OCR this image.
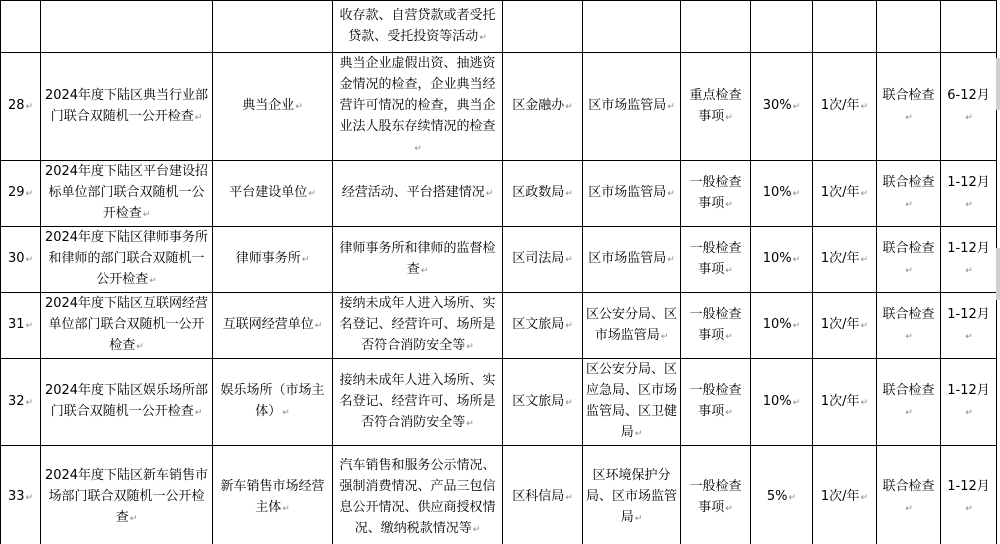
			收存款、自营贷款或者受托贷款、受托投资等活动↵							
28↵	2024年度下陆区典当行业部门联合双随机一公开检查↵	典当企业↵	典当企业虚假出资、抽逃资金情况的检查，企业典当经营许可情况的检查，典当企业法人股东存续情况的检查↵	区金融办↵	区市场监管局↵	重点检查事项↵	30%↵	1次/年↵	联合检查↵	6-12月↵
29↵	2024年度下陆区平台建设招标单位部门联合双随机一公开检查↵	平台建设单位↵	经营活动、平台搭建情况↵	区政数局↵	区市场监管局↵	一般检查事项↵	10%↵	1次/年↵	联合检查↵	1-12月↵
30↵	2024年度下陆区律师事务所和律师的部门联合双随机一公开检查↵	律师事务所↵	律师事务所和律师的监督检查↵	区司法局↵	区市场监管局↵	一般检查事项↵	10%↵	1次/年↵	联合检查↵	1-12月↵
31↵	2024年度下陆区互联网经营单位部门联合双随机一公开检查↵	互联网经营单位↵	接纳未成年人进入场所、实名登记、经营许可、场所是否符合消防安全等↵	区文旅局↵	区公安分局、区市场监管局↵	一般检查事项↵	10%↵	1次/年↵	联合检查↵	1-12月↵
32↵	2024年度下陆区娱乐场所部门联合双随机一公开检查↵	娱乐场所（市场主体）↵	接纳未成年人进入场所、实名登记、经营许可、场所是否符合消防安全等↵	区文旅局↵	区公安分局、区应急局、区市场监管局、区卫健局↵	一般检查事项↵	10%↵	1次/年↵	联合检查↵	1-12月↵
33↵	2024年度下陆区新车销售市场部门联合双随机一公开检查↵	新车销售市场经营主体↵	汽车销售和服务公示情况、强制消费情况、产品三包信息公开情况、供应商授权情况、缴纳税款情况等↵	区科信局↵	区环境保护分局、区市场监管局↵	一般检查事项↵	5%↵	1次/年↵	联合检查↵	1-12月↵
